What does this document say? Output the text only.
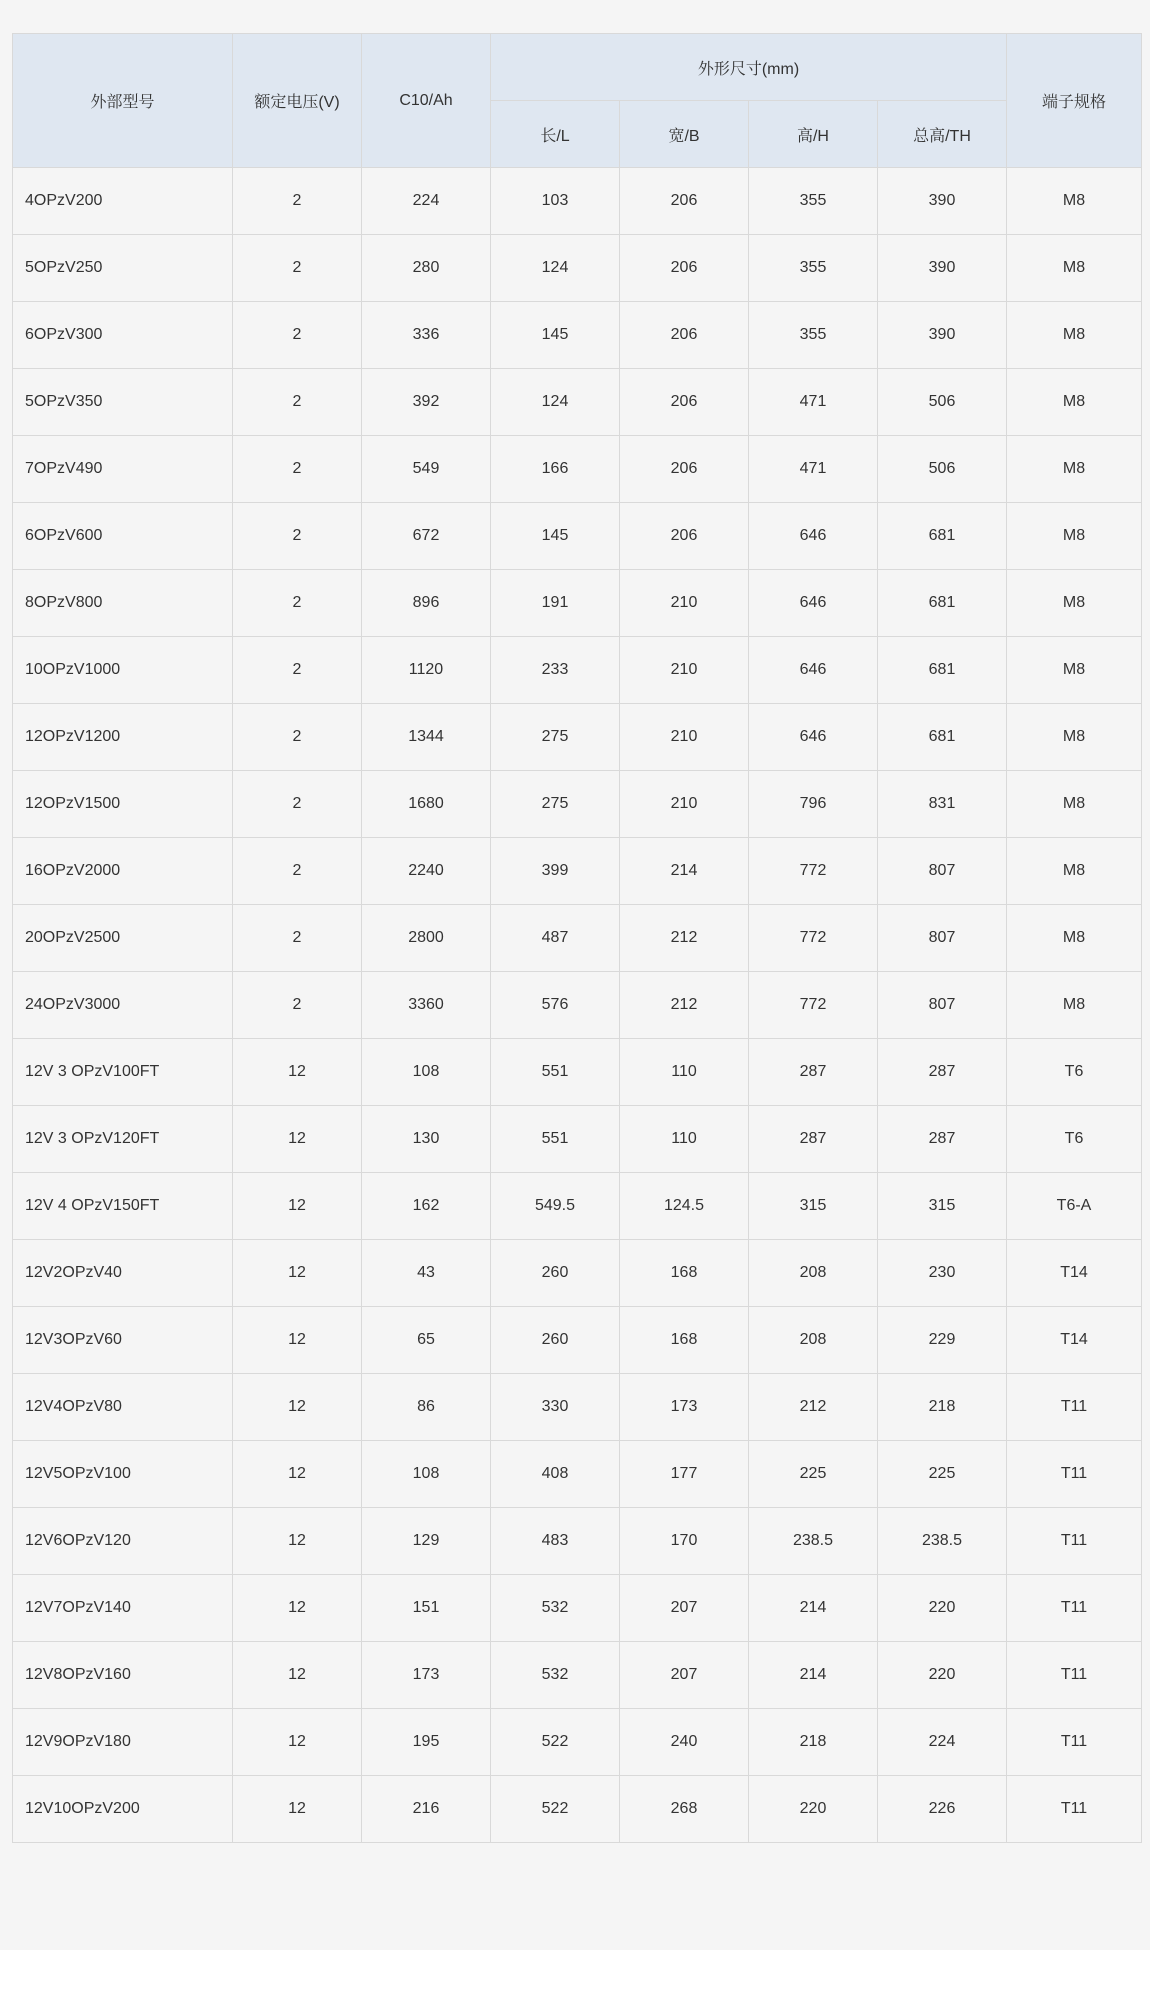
外部型号	额定电压(V)	C10/Ah	外形尺寸(mm)				端子规格
			长/L	宽/B	高/H	总高/TH	
4OPzV200	2	224	103	206	355	390	M8
5OPzV250	2	280	124	206	355	390	M8
6OPzV300	2	336	145	206	355	390	M8
5OPzV350	2	392	124	206	471	506	M8
7OPzV490	2	549	166	206	471	506	M8
6OPzV600	2	672	145	206	646	681	M8
8OPzV800	2	896	191	210	646	681	M8
10OPzV1000	2	1120	233	210	646	681	M8
12OPzV1200	2	1344	275	210	646	681	M8
12OPzV1500	2	1680	275	210	796	831	M8
16OPzV2000	2	2240	399	214	772	807	M8
20OPzV2500	2	2800	487	212	772	807	M8
24OPzV3000	2	3360	576	212	772	807	M8
12V 3 OPzV100FT	12	108	551	110	287	287	T6
12V 3 OPzV120FT	12	130	551	110	287	287	T6
12V 4 OPzV150FT	12	162	549.5	124.5	315	315	T6-A
12V2OPzV40	12	43	260	168	208	230	T14
12V3OPzV60	12	65	260	168	208	229	T14
12V4OPzV80	12	86	330	173	212	218	T11
12V5OPzV100	12	108	408	177	225	225	T11
12V6OPzV120	12	129	483	170	238.5	238.5	T11
12V7OPzV140	12	151	532	207	214	220	T11
12V8OPzV160	12	173	532	207	214	220	T11
12V9OPzV180	12	195	522	240	218	224	T11
12V10OPzV200	12	216	522	268	220	226	T11
